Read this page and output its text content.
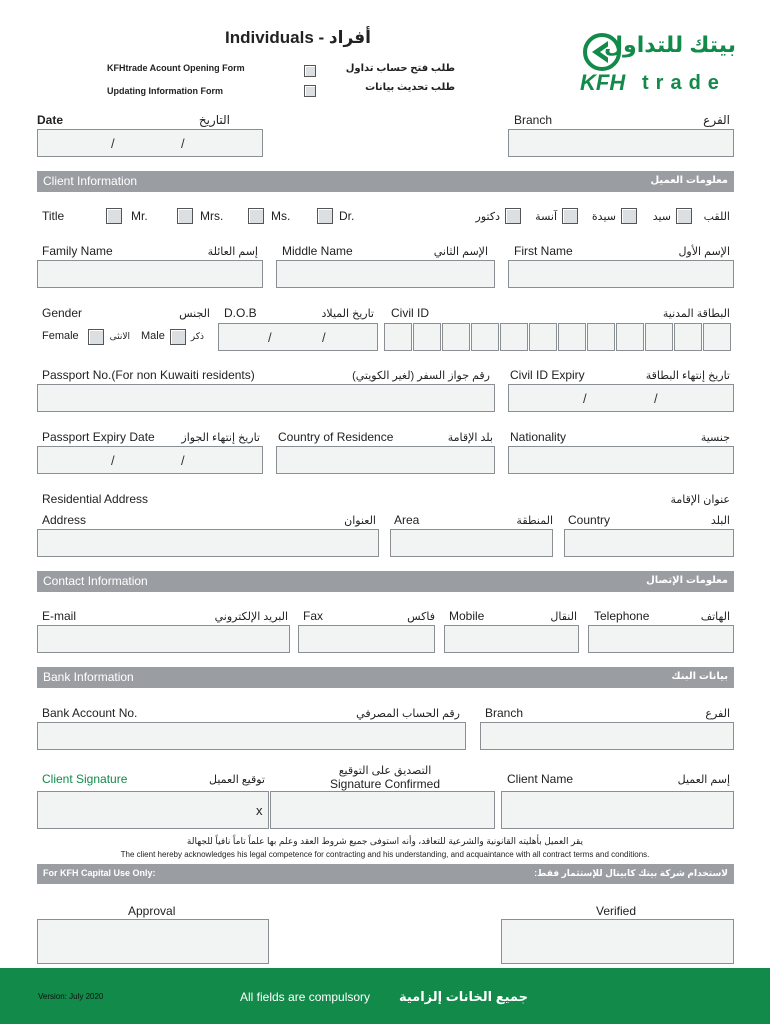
Individuals - أفراد
KFHtrade Acount Opening Form	طلب فتح حساب تداول
Updating Information Form	طلب تحديث بيانات
بيتك للتداول
KFH trade
Date	التاريخ
/	/
Branch	الفرع
Client Information	معلومات العميل
Title	Mr.	Mrs.	Ms.	Dr.	دكتور	آنسة	سيدة	سيد	اللقب
Family Name	إسم العائلة Middle Name	الإسم الثاني First Name	الإسم الأول
Gender	الجنس
Female	الانثى Male	ذكر
D.O.B	تاريخ الميلاد
/	/
Civil ID	البطاقة المدنية
Passport No.(For non Kuwaiti residents)	رقم جواز السفر (لغير الكويتي) Civil ID Expiry	تاريخ إنتهاء البطاقة
/	/
Passport Expiry Date	تاريخ إنتهاء الجواز
/	/
Country of Residence	بلد الإقامة Nationality	جنسية
Residential Address	عنوان الإقامة
Address	العنوان Area	المنطقة Country	البلد
Contact Information	معلومات الإتصال
E-mail	البريد الإلكتروني Fax	فاكس Mobile	النقال Telephone	الهاتف
Bank Information	بيانات البنك
Bank Account No.	رقم الحساب المصرفي Branch	الفرع
Client Signature	توقيع العميل
x
التصديق على التوقيع
Signature Confirmed	Client Name	إسم العميل
يقر العميل بأهليته القانونية والشرعية للتعاقد، وأنه استوفى جميع شروط العقد وعلم بها علماً تاماً نافياً للجهالة
The client hereby acknowledges his legal competence for contracting and his understanding, and acquaintance with all contract terms and conditions.
For KFH Capital Use Only:	لاستخدام شركة بيتك كابيتال للإستثمار فقط:
Approval	Verified
Version: July 2020	All fields are compulsory جميع الخانات إلزامية
